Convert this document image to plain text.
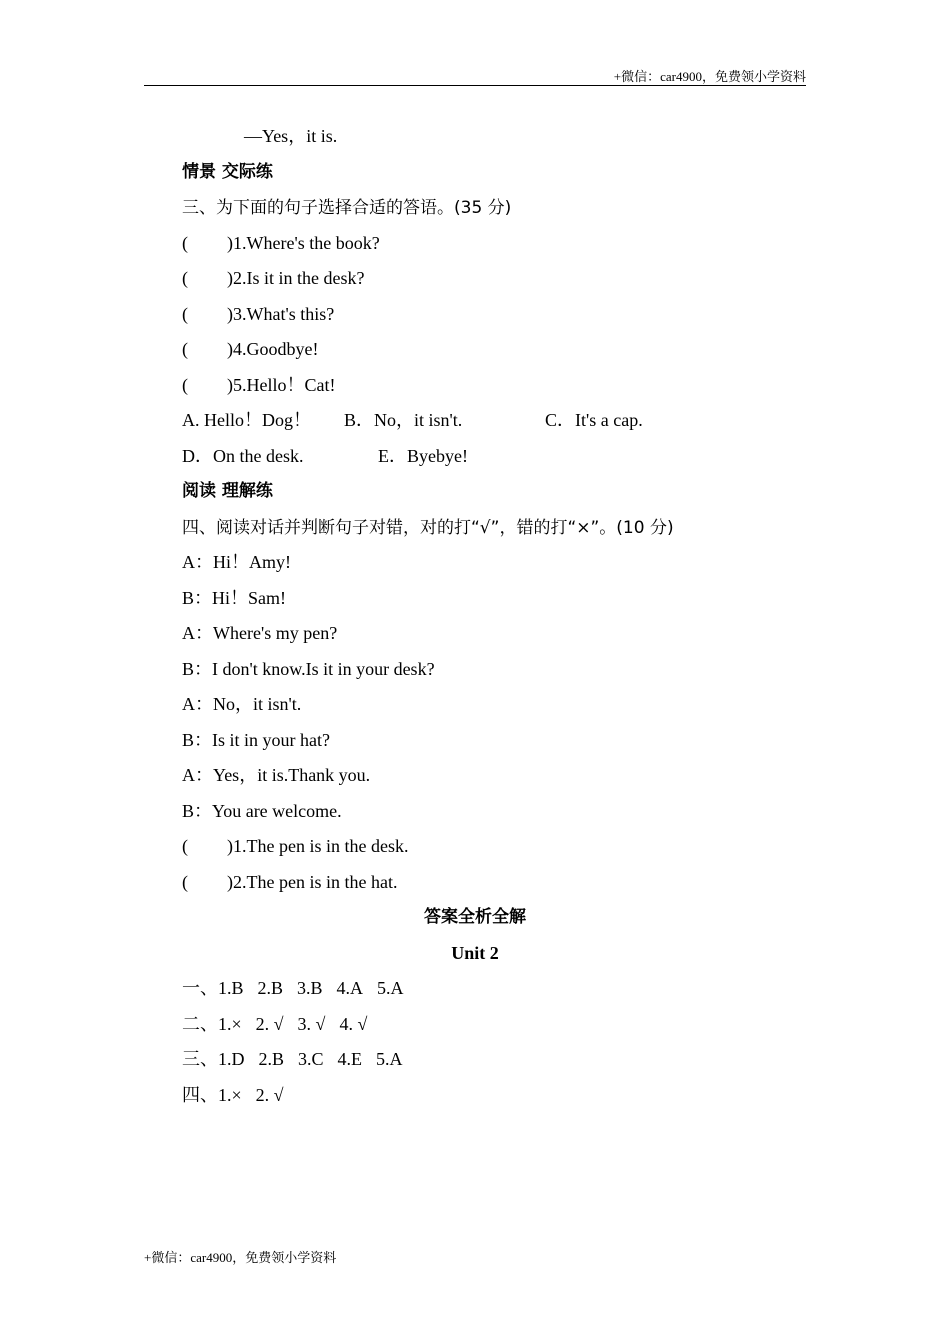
+微信：car4900，免费领小学资料
—Yes，it is.
情景 交际练
三、为下面的句子选择合适的答语。(35 分)
( )1.Where's the book?
( )2.Is it in the desk?
( )3.What's this?
( )4.Goodbye!
( )5.Hello！Cat!
A. Hello！Dog！ B．No，it isn't.	C．It's a cap.
D．On the desk.	E．Byebye!
阅读 理解练
四、阅读对话并判断句子对错，对的打“√”，错的打“×”。(10 分)
A：Hi！Amy!
B：Hi！Sam!
A：Where's my pen?
B：I don't know.Is it in your desk?
A：No，it isn't.
B：Is it in your hat?
A：Yes，it is.Thank you.
B：You are welcome.
( )1.The pen is in the desk.
( )2.The pen is in the hat.
答案全析全解
Unit 2
一、1.B 2.B 3.B 4.A 5.A
二、1.× 2. √ 3. √ 4. √
三、1.D 2.B 3.C 4.E 5.A
四、1.× 2. √
+微信：car4900，免费领小学资料
